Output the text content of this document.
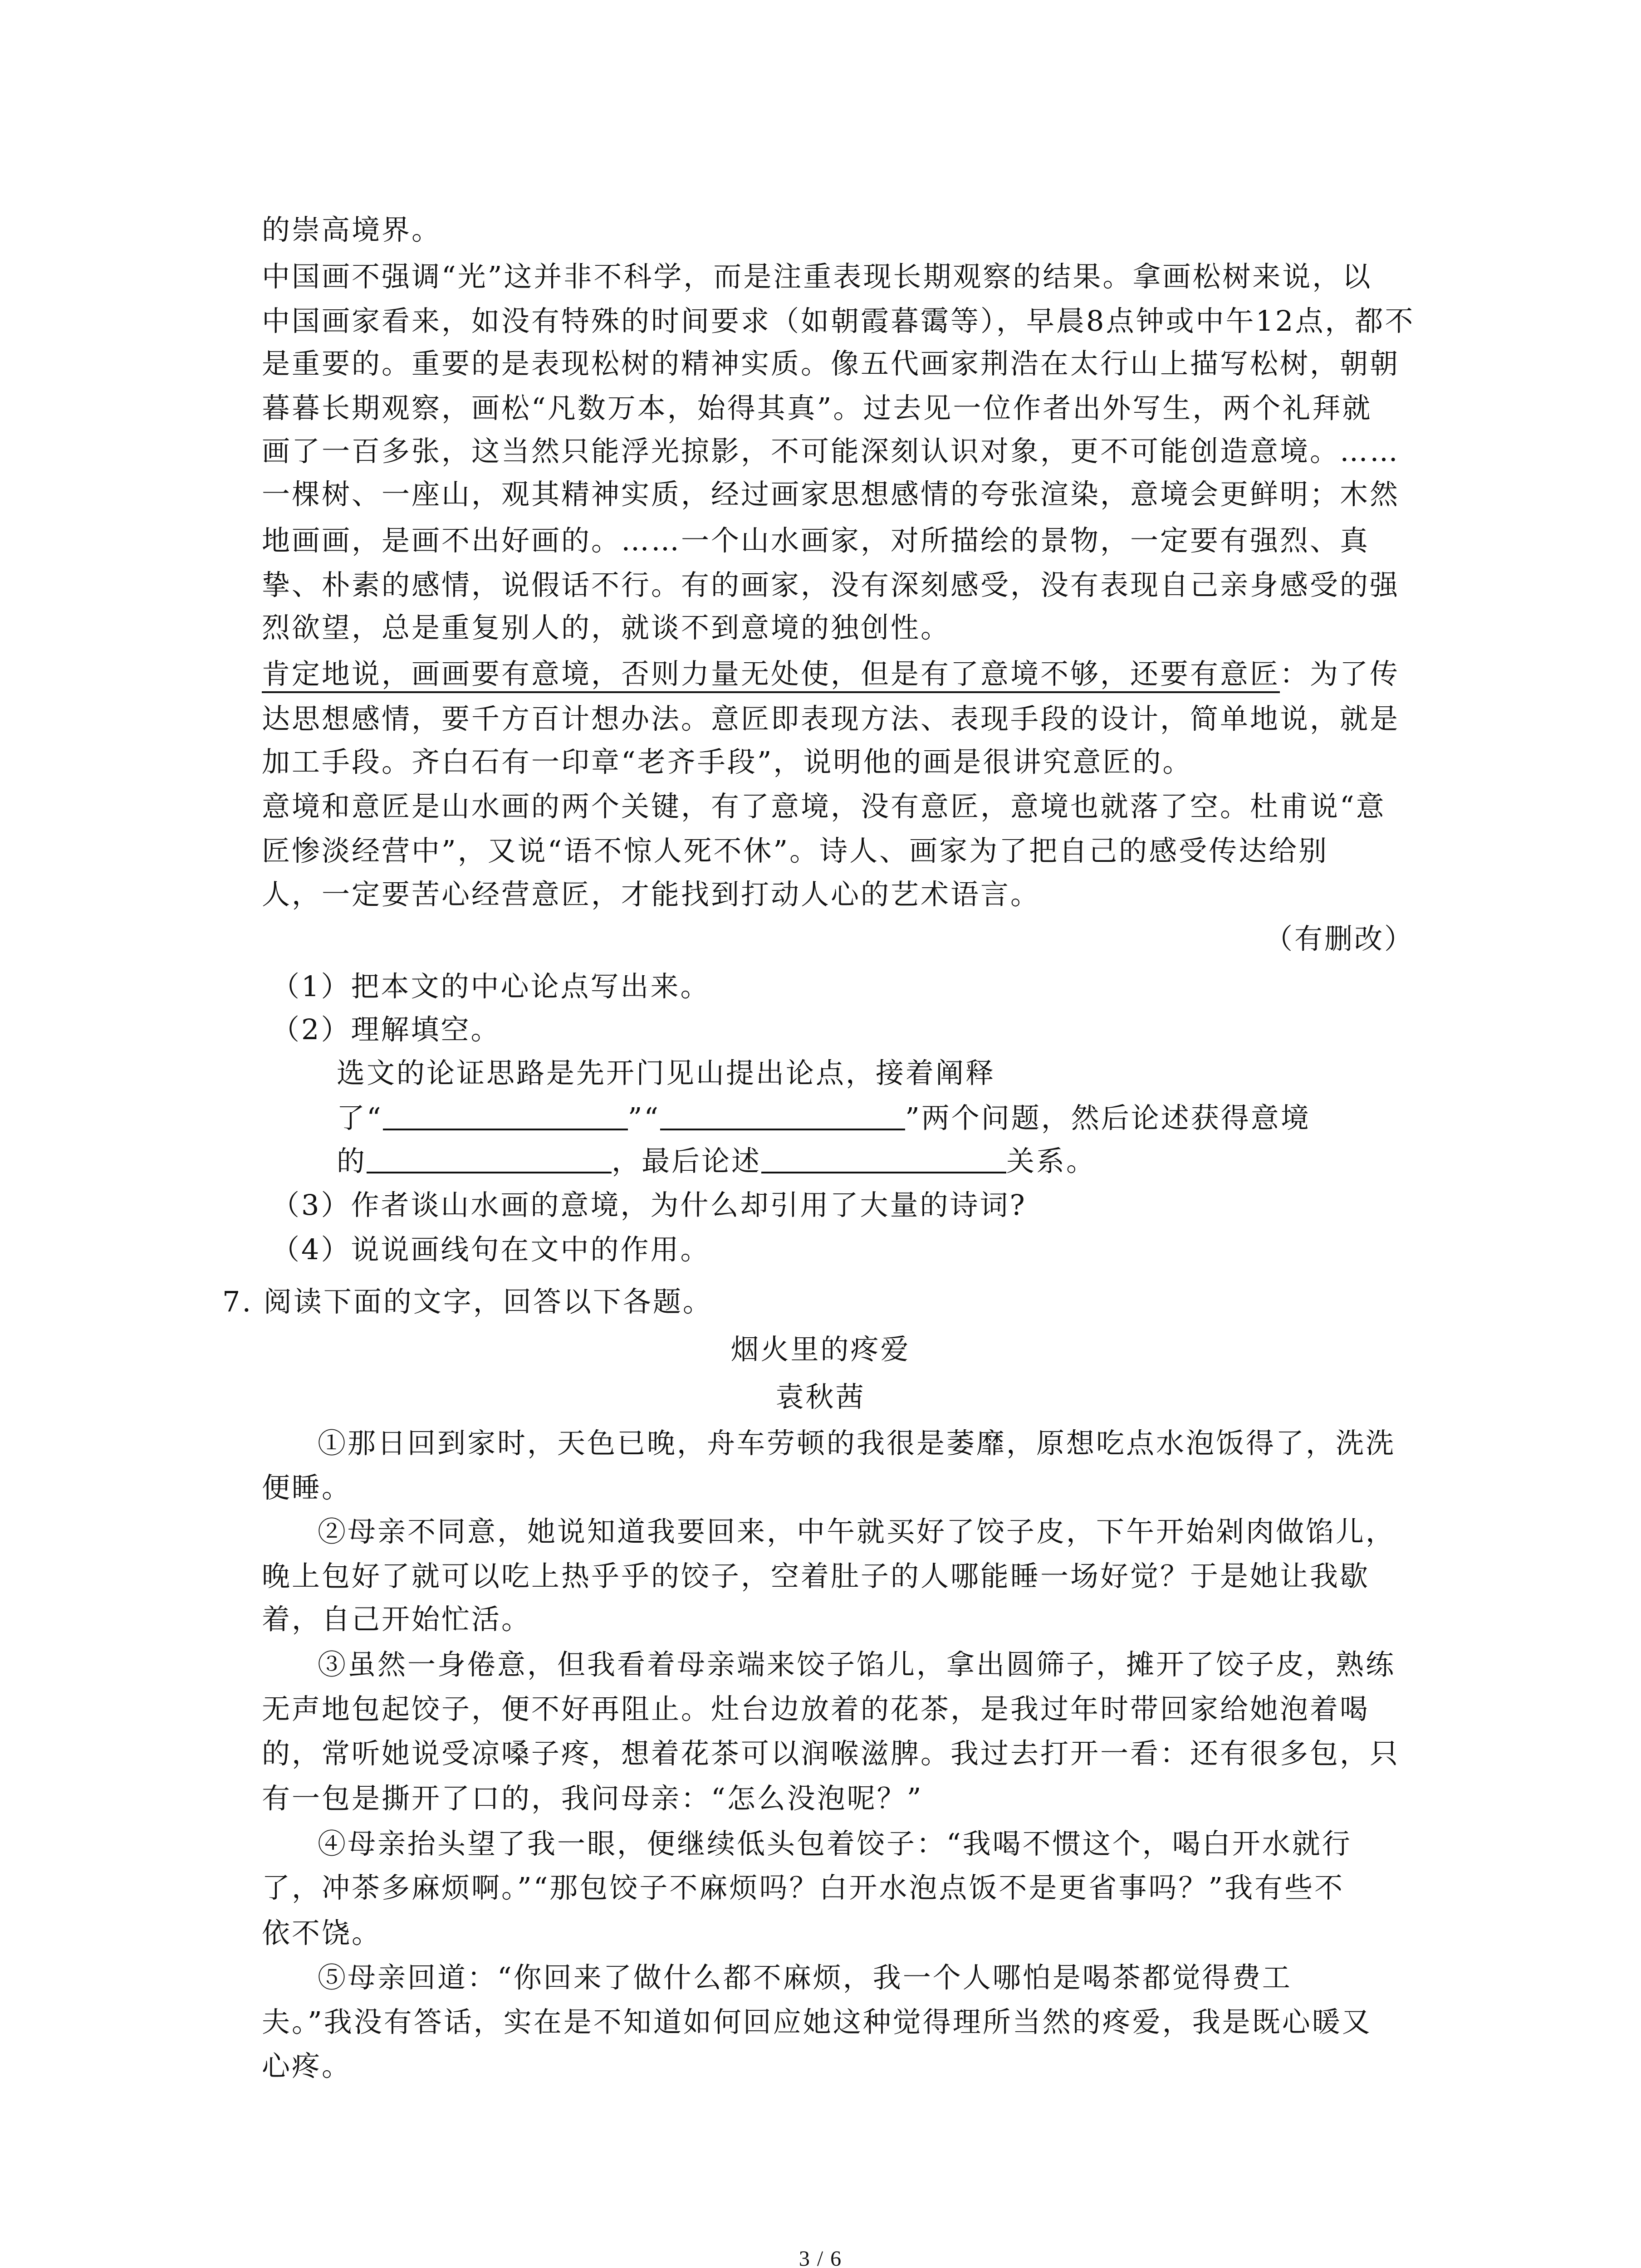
的崇高境界。

中国画不强调“光”这并非不科学，而是注重表现长期观察的结果。拿画松树来说，以

中国画家看来，如没有特殊的时间要求（如朝霞暮霭等），早晨8点钟或中午12点，都不

是重要的。重要的是表现松树的精神实质。像五代画家荆浩在太行山上描写松树，朝朝

暮暮长期观察，画松“凡数万本，始得其真”。过去见一位作者出外写生，两个礼拜就

画了一百多张，这当然只能浮光掠影，不可能深刻认识对象，更不可能创造意境。……

一棵树、一座山，观其精神实质，经过画家思想感情的夸张渲染，意境会更鲜明；木然

地画画，是画不出好画的。……一个山水画家，对所描绘的景物，一定要有强烈、真

挚、朴素的感情，说假话不行。有的画家，没有深刻感受，没有表现自己亲身感受的强

烈欲望，总是重复别人的，就谈不到意境的独创性。

肯定地说，画画要有意境，否则力量无处使，但是有了意境不够，还要有意匠：为了传

达思想感情，要千方百计想办法。意匠即表现方法、表现手段的设计，简单地说，就是

加工手段。齐白石有一印章“老齐手段”，说明他的画是很讲究意匠的。

意境和意匠是山水画的两个关键，有了意境，没有意匠，意境也就落了空。杜甫说“意

匠惨淡经营中”，又说“语不惊人死不休”。诗人、画家为了把自己的感受传达给别

人，一定要苦心经营意匠，才能找到打动人心的艺术语言。

（有删改）

（1）把本文的中心论点写出来。

（2）理解填空。

选文的论证思路是先开门见山提出论点，接着阐释

了“	”“	”两个问题，然后论述获得意境

的	，最后论述	关系。

（3）作者谈山水画的意境，为什么却引用了大量的诗词?

（4）说说画线句在文中的作用。

7. 阅读下面的文字，回答以下各题。

烟火里的疼爱

袁秋茜

①那日回到家时，天色已晚，舟车劳顿的我很是萎靡，原想吃点水泡饭得了，洗洗

便睡。

②母亲不同意，她说知道我要回来，中午就买好了饺子皮，下午开始剁肉做馅儿，

晚上包好了就可以吃上热乎乎的饺子，空着肚子的人哪能睡一场好觉？于是她让我歇

着，自己开始忙活。

③虽然一身倦意，但我看着母亲端来饺子馅儿，拿出圆筛子，摊开了饺子皮，熟练

无声地包起饺子，便不好再阻止。灶台边放着的花茶，是我过年时带回家给她泡着喝

的，常听她说受凉嗓子疼，想着花茶可以润喉滋脾。我过去打开一看：还有很多包，只

有一包是撕开了口的，我问母亲：“怎么没泡呢？”

④母亲抬头望了我一眼，便继续低头包着饺子：“我喝不惯这个，喝白开水就行

了，冲茶多麻烦啊。”“那包饺子不麻烦吗？白开水泡点饭不是更省事吗？”我有些不

依不饶。

⑤母亲回道：“你回来了做什么都不麻烦，我一个人哪怕是喝茶都觉得费工

夫。”我没有答话，实在是不知道如何回应她这种觉得理所当然的疼爱，我是既心暖又

心疼。

3 / 6
